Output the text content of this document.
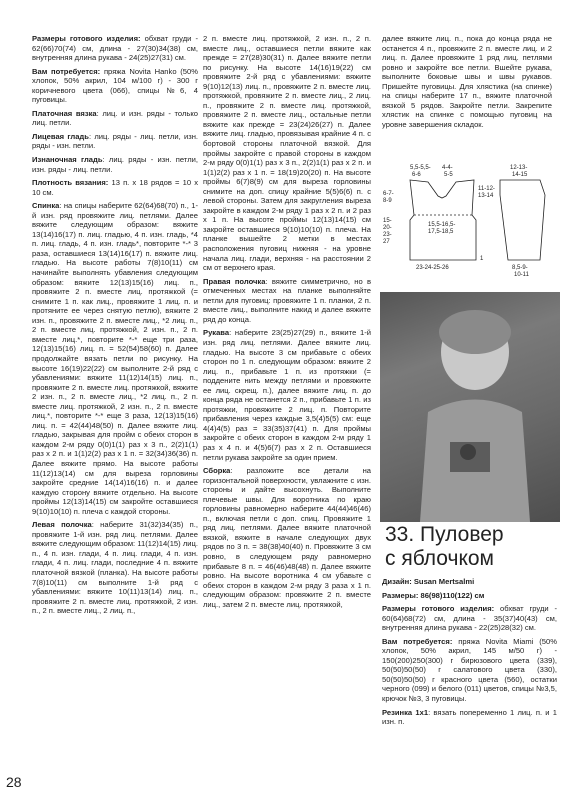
Размеры готового изделия: обхват груди - 62(66)70(74) см, длина - 27(30)34(38) см, внутренняя длина рукава - 24(25)27(31) см.

Вам потребуется: пряжа Novita Hanko (50% хлопок, 50% акрил, 104 м/100 г) - 300 г коричневого цвета (066), спицы №6, 4 пуговицы.

Платочная вязка: лиц. и изн. ряды - только лиц. петли.

Лицевая гладь: лиц. ряды - лиц. петли, изн. ряды - изн. петли.

Изнаночная гладь: лиц. ряды - изн. петли, изн. ряды - лиц. петли.

Плотность вязания: 13 п. x 18 рядов = 10 x 10 см.

Спинка: на спицы наберите 62(64)68(70) п., 1-й изн. ряд провяжите лиц. петлями. Далее вяжите следующим образом: вяжите 13(14)16(17) п. лиц. гладью, 4 п. изн. гладь, *4 п. лиц. гладь, 4 п. изн. гладь*, повторите *-* 3 раза, оставшиеся 13(14)16(17) п. вяжите лиц. гладью. На высоте работы 7(8)10(11) см начинайте выполнять убавления следующим образом: вяжите 12(13)15(16) лиц. п., провяжите 2 п. вместе лиц. протяжкой (= снимите 1 п. как лиц., провяжите 1 лиц. п. и протяните ее через снятую петлю), вяжите 2 изн. п., провяжите 2 п. вместе лиц., *2 лиц. п., 2 п. вместе лиц. протяжкой, 2 изн. п., 2 п. вместе лиц.*, повторите *-* еще три раза, 12(13)15(16) лиц. п. = 52(54)58(60) п. Далее продолжайте вязать петли по рисунку. На высоте 16(19)22(22) см выполните 2-й ряд с убавлениями: вяжите 11(12)14(15) лиц. п., провяжите 2 п. вместе лиц. протяжкой, вяжите 2 изн. п., 2 п. вместе лиц., *2 лиц. п., 2 п. вместе лиц. протяжкой, 2 изн. п., 2 п. вместе лиц.*, повторите *-* еще 3 раза, 12(13)15(16) лиц. п. = 42(44)48(50) п. Далее вяжите лиц. гладью, закрывая для пройм с обеих сторон в каждом 2-м ряду 0(0)1(1) раз x 3 п., 2(2)1(1) раз x 2 п. и 1(1)2(2) раз x 1 п. = 32(34)36(36) п. Далее вяжите прямо. На высоте работы 11(12)13(14) см для выреза горловины закройте средние 14(14)16(16) п. и далее каждую сторону вяжите отдельно. На высоте проймы 12(13)14(15) см закройте оставшиеся 9(10)10(10) п. плеча с каждой стороны.

Левая полочка: наберите 31(32)34(35) п., провяжите 1-й изн. ряд лиц. петлями. Далее вяжите следующим образом: 11(12)14(15) лиц. п., 4 п. изн. глади, 4 п. лиц. глади, 4 п. изн. глади, 4 п. лиц. глади, последние 4 п. вяжите платочной вязкой (планка). На высоте работы 7(8)10(11) см выполните 1-й ряд с убавлениями: вяжите 10(11)13(14) лиц. п., провяжите 2 п. вместе лиц. протяжкой, 2 изн. п., 2 п. вместе лиц., 2 лиц. п.,

2 п. вместе лиц. протяжкой, 2 изн. п., 2 п. вместе лиц., оставшиеся петли вяжите как прежде = 27(28)30(31) п. Далее вяжите петли по рисунку. На высоте 14(16)19(22) см провяжите 2-й ряд с убавлениями: вяжите 9(10)12(13) лиц. п., провяжите 2 п. вместе лиц. протяжкой, провяжите 2 п. вместе лиц., 2 лиц. п., провяжите 2 п. вместе лиц. протяжкой, провяжите 2 п. вместе лиц., остальные петли вяжите как прежде = 23(24)26(27) п. Далее вяжите лиц. гладью, провязывая крайние 4 п. с бортовой стороны платочной вязкой. Для проймы закройте с правой стороны в каждом 2-м ряду 0(0)1(1) раз x 3 п., 2(2)1(1) раз x 2 п. и 1(1)2(2) раз x 1 п. = 18(19)20(20) п. На высоте проймы 6(7)8(9) см для выреза горловины снимите на доп. спицу крайние 5(5)6(6) п. с левой стороны. Затем для закругления выреза закройте в каждом 2-м ряду 1 раз x 2 п. и 2 раз x 1 п. На высоте проймы 12(13)14(15) см закройте оставшиеся 9(10)10(10) п. плеча. На планке вышейте 2 метки в местах расположения пуговиц нижняя - на уровне начала лиц. глади, верхняя - на расстоянии 2 см от верхнего края.

Правая полочка: вяжите симметрично, но в отмеченных местах на планке выполняйте петли для пуговиц: провяжите 1 п. планки, 2 п. вместе лиц., выполните накид и далее вяжите ряд до конца.

Рукава: наберите 23(25)27(29) п., вяжите 1-й изн. ряд лиц. петлями. Далее вяжите лиц. гладью. На высоте 3 см прибавьте с обеих сторон по 1 п. следующим образом: вяжите 2 лиц. п., прибавьте 1 п. из протяжки (= поддените нить между петлями и провяжите ее лиц. скрещ. п.), далее вяжите лиц. п. до конца ряда не останется 2 п., прибавьте 1 п. из протяжки, провяжите 2 лиц. п. Повторите прибавления через каждые 3,5(4)5(5) см: еще 4(4)4(5) раз = 33(35)37(41) п. Для проймы закройте с обеих сторон в каждом 2-м ряду 1 раз x 4 п. и 4(5)6(7) раз x 2 п. Оставшиеся петли рукава закройте за один прием.

Сборка: разложите все детали на горизонтальной поверхности, увлажните с изн. стороны и дайте высохнуть. Выполните плечевые швы. Для воротника по краю горловины равномерно наберите 44(44)46(46) п., включая петли с доп. спиц. Провяжите 1 ряд лиц. петлями. Далее вяжите платочной вязкой, вяжите в начале следующих двух рядов по 3 п. = 38(38)40(40) п. Провяжите 3 см ровно, в следующем ряду равномерно прибавьте 8 п. = 46(46)48(48) п. Далее вяжите ровно. На высоте воротника 4 см убавьте с обеих сторон в каждом 2-м ряду 3 раза x 1 п. следующим образом: провяжите 2 п. вместе лиц., затем 2 п. вместе лиц. протяжкой,

далее вяжите лиц. п., пока до конца ряда не останется 4 п., провяжите 2 п. вместе лиц. и 2 лиц. п. Далее провяжите 1 ряд лиц. петлями ровно и закройте все петли. Вшейте рукава, выполните боковые швы и швы рукавов. Пришейте пуговицы. Для хлястика (на спинке) на спицы наберите 17 п., вяжите платочной вязкой 5 рядов. Закройте петли. Закрепите хлястик на спинке с помощью пуговиц на уровне завершения складок.

5,5-5,5-
6-6
4-4-
5-5
12-13-
14-15
6-7-
8-9
11-12-
13-14
15,5-16,5-
17,5-18,5
15-
20-
23-
27
23-24-25-26
1
8,5-9-
10-11
33. Пуловер
с яблочком

Дизайн: Susan Mertsalmi

Размеры: 86(98)110(122) см

Размеры готового изделия: обхват груди - 60(64)68(72) см, длина - 35(37)40(43) см, внутренняя длина рукава - 22(25)28(32) см.

Вам потребуется: пряжа Novita Miami (50% хлопок, 50% акрил, 145 м/50 г) - 150(200)250(300) г бирюзового цвета (339), 50(50)50(50) г салатового цвета (330), 50(50)50(50) г красного цвета (560), остатки черного (099) и белого (011) цветов, спицы №3,5, крючок №3, 3 пуговицы.

Резинка 1x1: вязать попеременно 1 лиц. п. и 1 изн. п.

28
